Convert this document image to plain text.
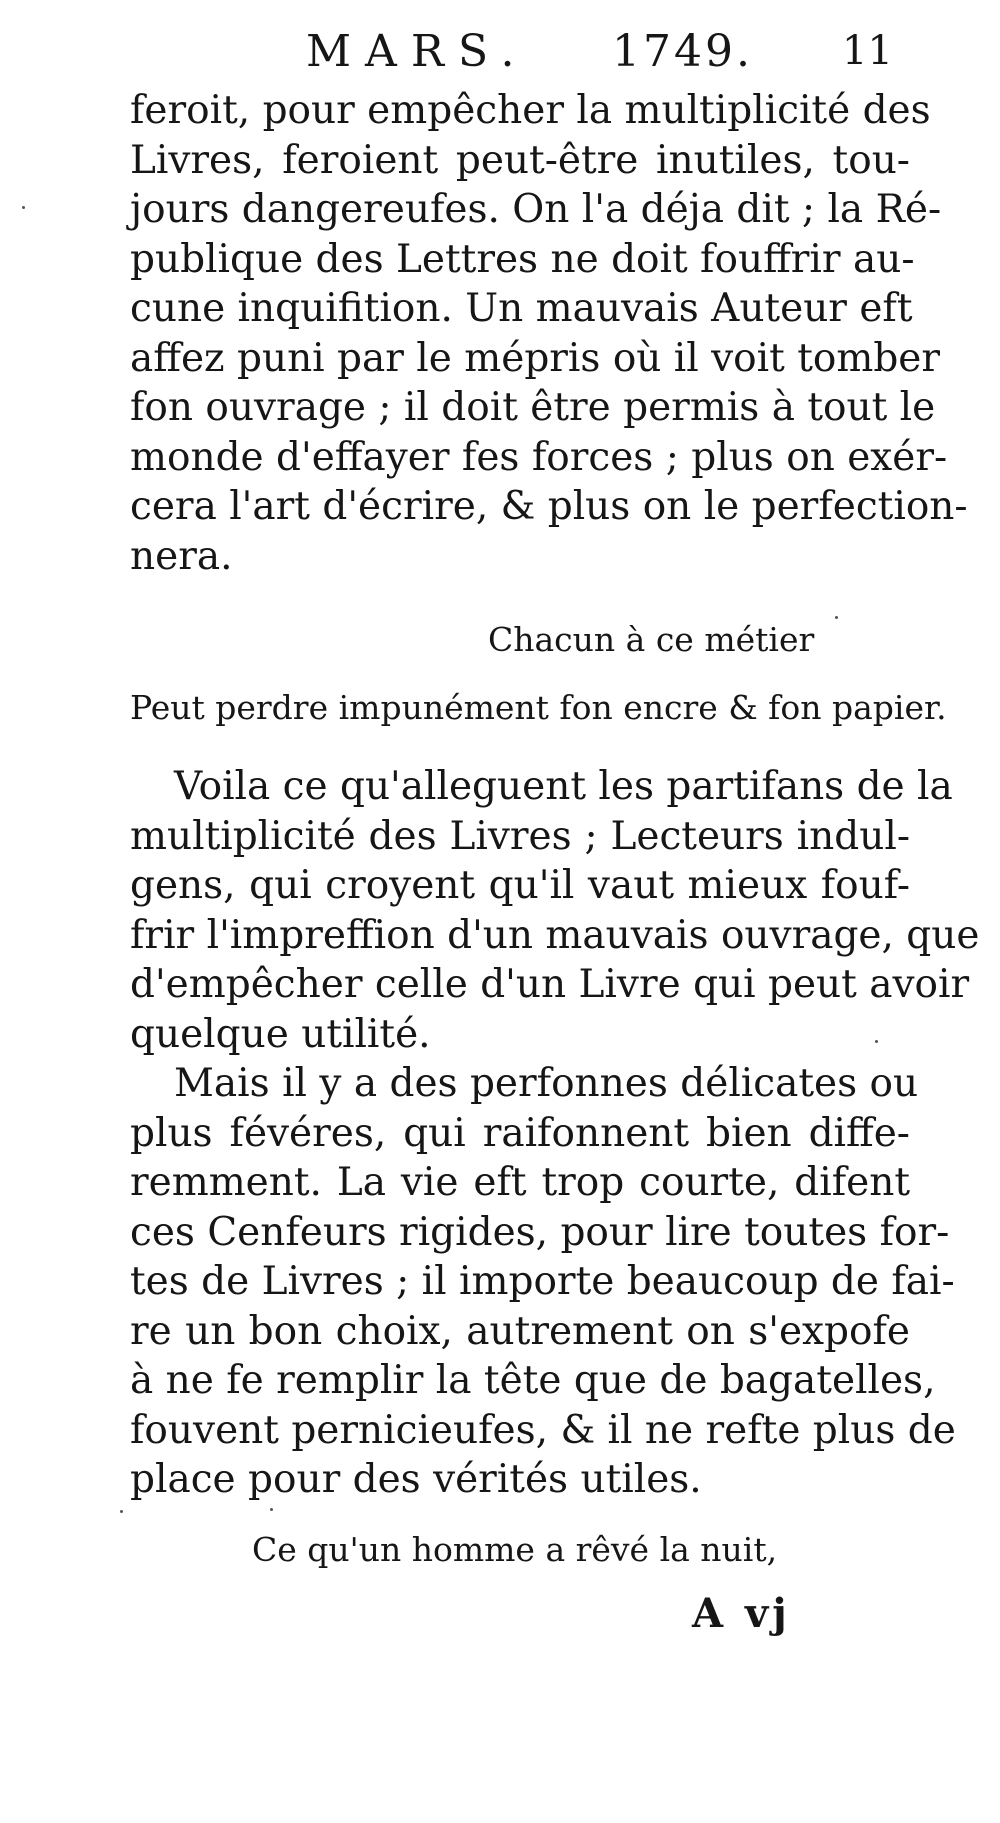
MARS. 1749. 11
feroit, pour empêcher la multiplicité des
Livres, feroient peut-être inutiles, tou-
jours dangereufes. On l'a déja dit ; la Ré-
publique des Lettres ne doit fouffrir au-
cune inquifition. Un mauvais Auteur eft
affez puni par le mépris où il voit tomber
fon ouvrage ; il doit être permis à tout le
monde d'effayer fes forces ; plus on exér-
cera l'art d'écrire, & plus on le perfection-
nera.
Chacun à ce métier
Peut perdre impunément fon encre & fon papier.
Voila ce qu'alleguent les partifans de la
multiplicité des Livres ; Lecteurs indul-
gens, qui croyent qu'il vaut mieux fouf-
frir l'impreffion d'un mauvais ouvrage, que
d'empêcher celle d'un Livre qui peut avoir
quelque utilité.
Mais il y a des perfonnes délicates ou
plus févéres, qui raifonnent bien diffe-
remment. La vie eft trop courte, difent
ces Cenfeurs rigides, pour lire toutes for-
tes de Livres ; il importe beaucoup de fai-
re un bon choix, autrement on s'expofe
à ne fe remplir la tête que de bagatelles,
fouvent pernicieufes, & il ne refte plus de
place pour des vérités utiles.
Ce qu'un homme a rêvé la nuit,
A vj
